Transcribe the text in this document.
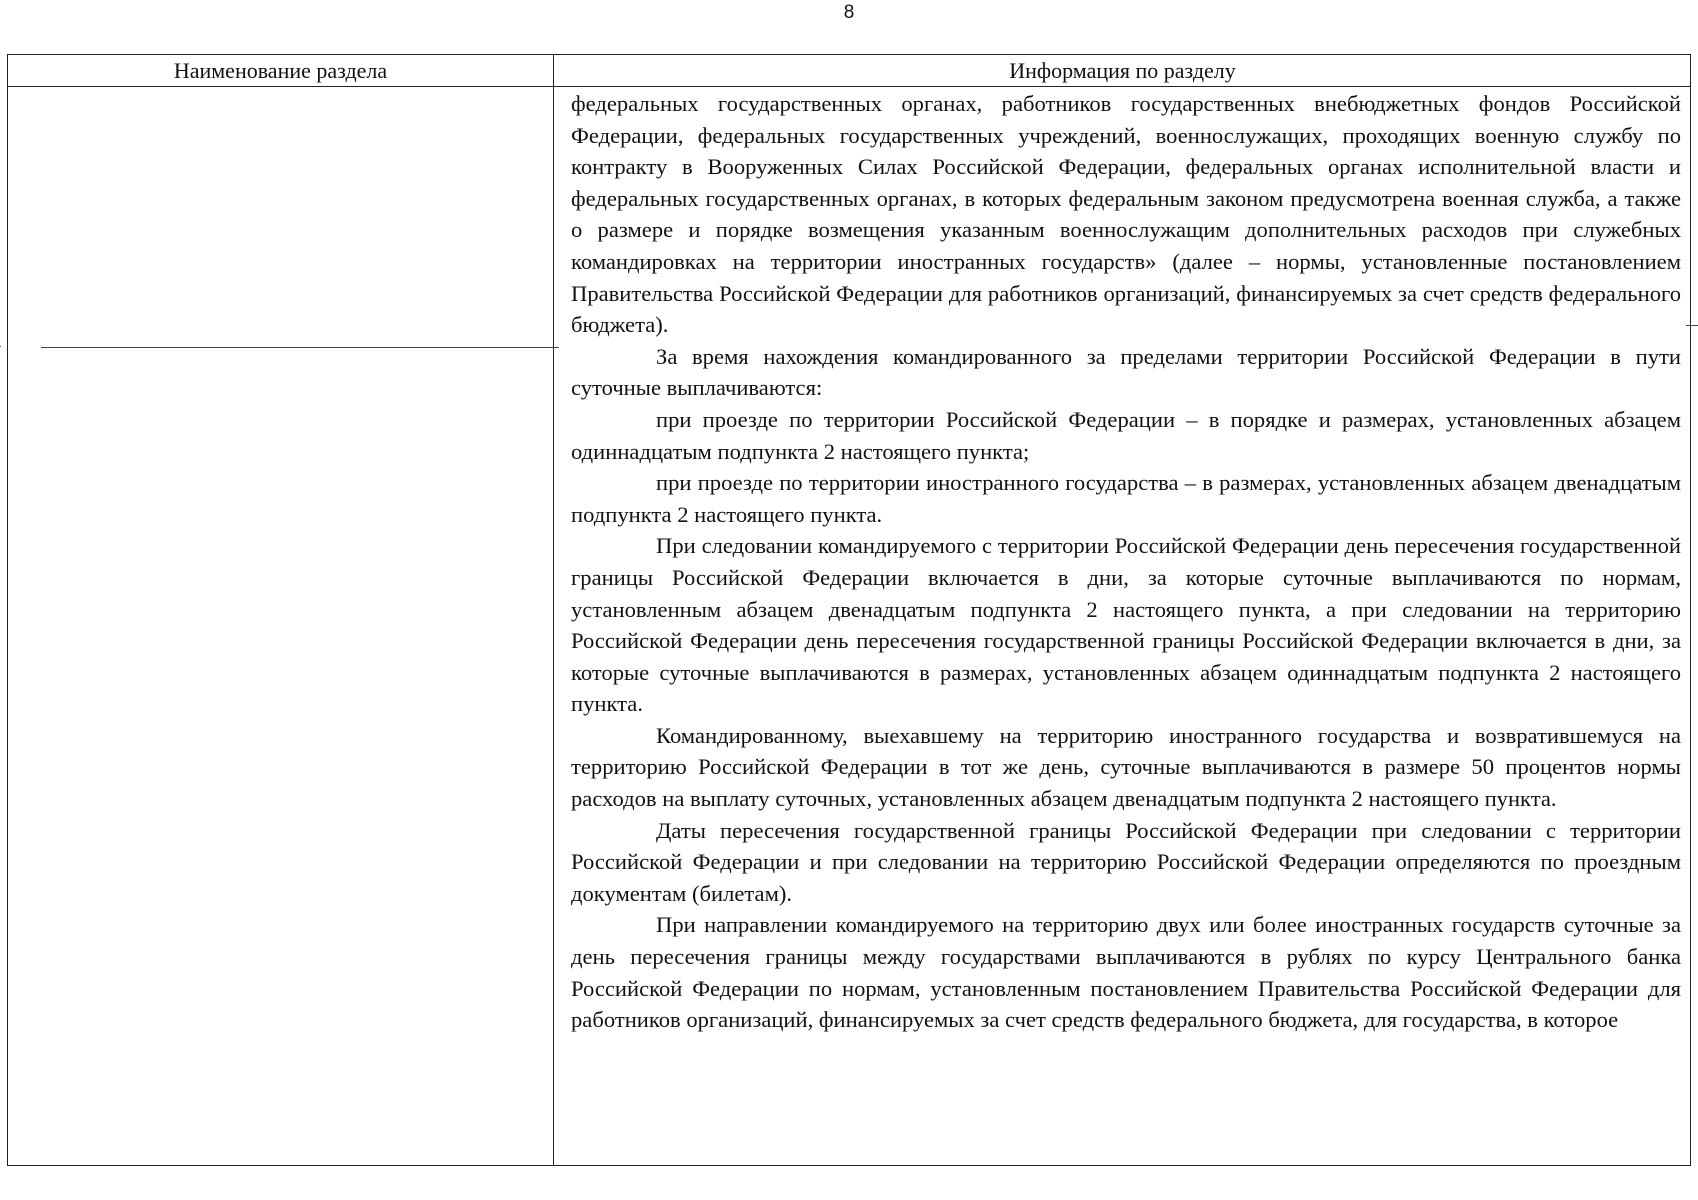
8
Наименование раздела	Информация по разделу

федеральных государственных органах, работников государственных внебюджетных фондов Российской Федерации, федеральных государственных учреждений, военнослужащих, проходящих военную службу по контракту в Вооруженных Силах Российской Федерации, федеральных органах исполнительной власти и федеральных государственных органах, в которых федеральным законом предусмотрена военная служба, а также о размере и порядке возмещения указанным военнослужащим дополнительных расходов при служебных командировках на территории иностранных государств» (далее – нормы, установленные постановлением Правительства Российской Федерации для работников организаций, финансируемых за счет средств федерального бюджета).

За время нахождения командированного за пределами территории Российской Федерации в пути суточные выплачиваются:

при проезде по территории Российской Федерации – в порядке и размерах, установленных абзацем одиннадцатым подпункта 2 настоящего пункта;

при проезде по территории иностранного государства – в размерах, установленных абзацем двенадцатым подпункта 2 настоящего пункта.

При следовании командируемого с территории Российской Федерации день пересечения государственной границы Российской Федерации включается в дни, за которые суточные выплачиваются по нормам, установленным абзацем двенадцатым подпункта 2 настоящего пункта, а при следовании на территорию Российской Федерации день пересечения государственной границы Российской Федерации включается в дни, за которые суточные выплачиваются в размерах, установленных абзацем одиннадцатым подпункта 2 настоящего пункта.

Командированному, выехавшему на территорию иностранного государства и возвратившемуся на территорию Российской Федерации в тот же день, суточные выплачиваются в размере 50 процентов нормы расходов на выплату суточных, установленных абзацем двенадцатым подпункта 2 настоящего пункта.

Даты пересечения государственной границы Российской Федерации при следовании с территории Российской Федерации и при следовании на территорию Российской Федерации определяются по проездным документам (билетам).

При направлении командируемого на территорию двух или более иностранных государств суточные за день пересечения границы между государствами выплачиваются в рублях по курсу Центрального банка Российской Федерации по нормам, установленным постановлением Правительства Российской Федерации для работников организаций, финансируемых за счет средств федерального бюджета, для государства, в которое
